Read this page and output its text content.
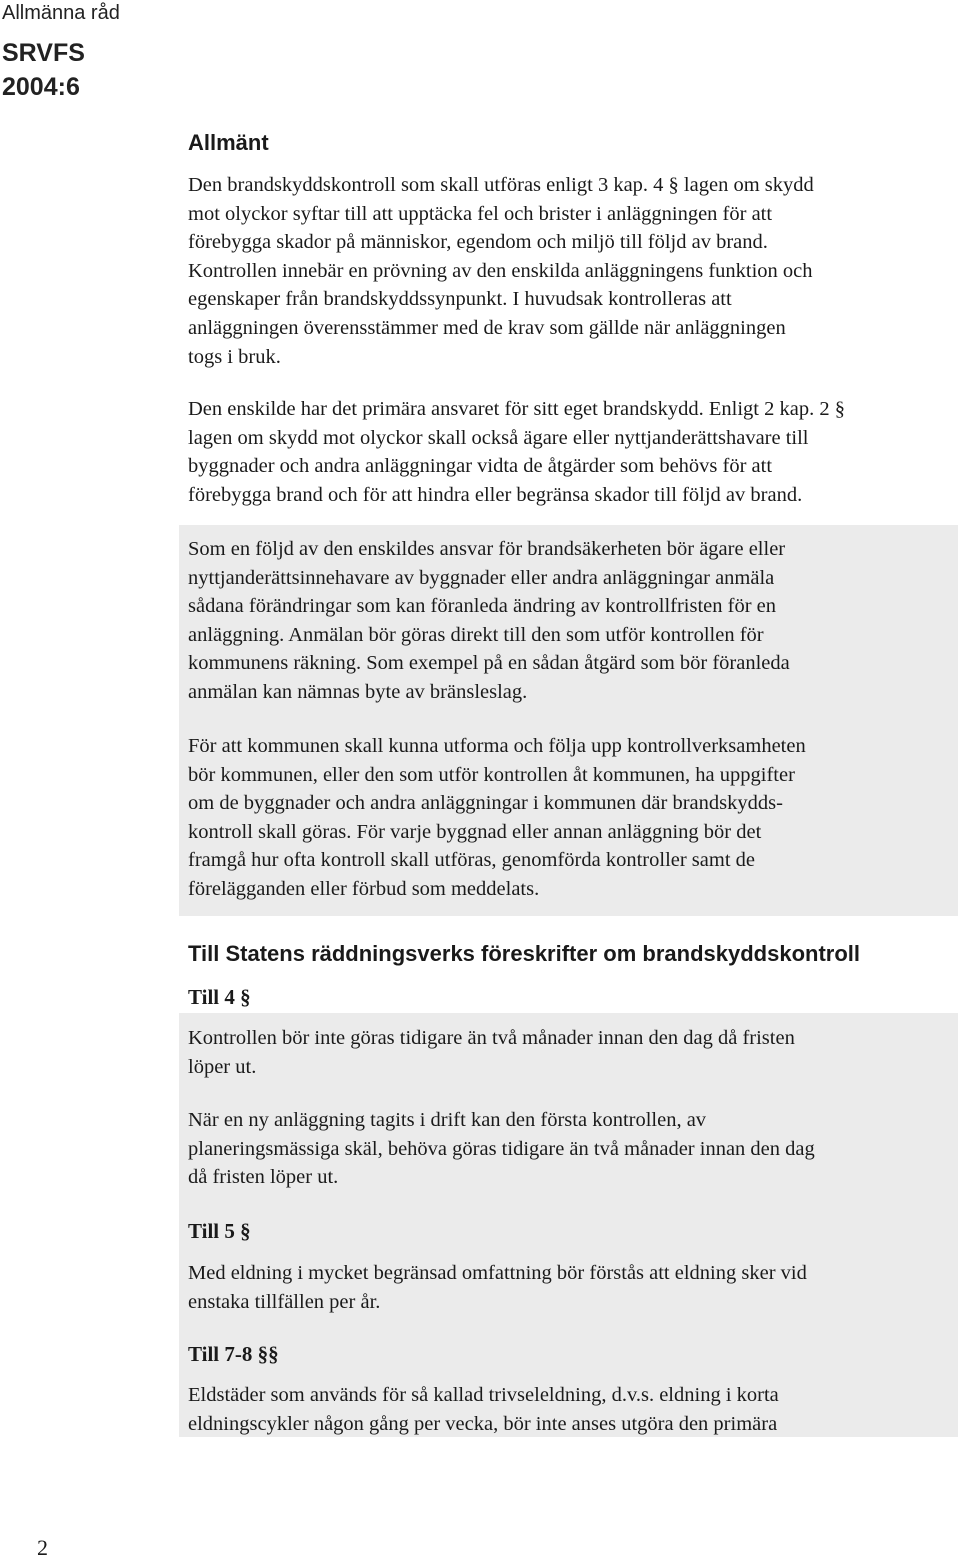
Allmänna råd
SRVFS
2004:6
Allmänt

Den brandskyddskontroll som skall utföras enligt 3 kap. 4 § lagen om skydd

mot olyckor syftar till att upptäcka fel och brister i anläggningen för att

förebygga skador på människor, egendom och miljö till följd av brand.

Kontrollen innebär en prövning av den enskilda anläggningens funktion och

egenskaper från brandskyddssynpunkt. I huvudsak kontrolleras att

anläggningen överensstämmer med de krav som gällde när anläggningen

togs i bruk.

Den enskilde har det primära ansvaret för sitt eget brandskydd. Enligt 2 kap. 2 §

lagen om skydd mot olyckor skall också ägare eller nyttjanderättshavare till

byggnader och andra anläggningar vidta de åtgärder som behövs för att

förebygga brand och för att hindra eller begränsa skador till följd av brand.

Som en följd av den enskildes ansvar för brandsäkerheten bör ägare eller

nyttjanderättsinnehavare av byggnader eller andra anläggningar anmäla

sådana förändringar som kan föranleda ändring av kontrollfristen för en

anläggning. Anmälan bör göras direkt till den som utför kontrollen för

kommunens räkning. Som exempel på en sådan åtgärd som bör föranleda

anmälan kan nämnas byte av bränsleslag.

För att kommunen skall kunna utforma och följa upp kontrollverksamheten

bör kommunen, eller den som utför kontrollen åt kommunen, ha uppgifter

om de byggnader och andra anläggningar i kommunen där brandskydds-

kontroll skall göras. För varje byggnad eller annan anläggning bör det

framgå hur ofta kontroll skall utföras, genomförda kontroller samt de

förelägganden eller förbud som meddelats.

Till Statens räddningsverks föreskrifter om brandskyddskontroll
Till 4 §

Kontrollen bör inte göras tidigare än två månader innan den dag då fristen

löper ut.

När en ny anläggning tagits i drift kan den första kontrollen, av

planeringsmässiga skäl, behöva göras tidigare än två månader innan den dag

då fristen löper ut.

Till 5 §

Med eldning i mycket begränsad omfattning bör förstås att eldning sker vid

enstaka tillfällen per år.

Till 7-8 §§

Eldstäder som används för så kallad trivseleldning, d.v.s. eldning i korta

eldningscykler någon gång per vecka, bör inte anses utgöra den primära

2
